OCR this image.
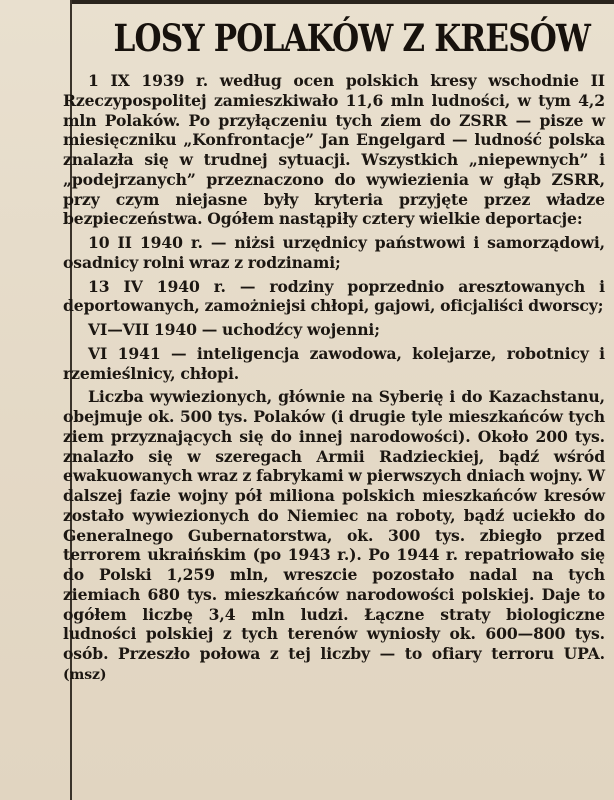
LOSY POLAKÓW Z KRESÓW

1 IX 1939 r. według ocen polskich kresy wschodnie II Rzeczypospolitej zamieszkiwało 11,6 mln ludności, w tym 4,2 mln Polaków. Po przyłączeniu tych ziem do ZSRR — pisze w miesięczniku „Konfrontacje” Jan Engelgard — ludność polska znalazła się w trudnej sytuacji. Wszystkich „niepewnych” i „podejrzanych” przeznaczono do wywiezienia w głąb ZSRR, przy czym niejasne były kryteria przyjęte przez władze bezpieczeństwa. Ogółem nastąpiły cztery wielkie deportacje:

10 II 1940 r. — niżsi urzędnicy państwowi i samorządowi, osadnicy rolni wraz z rodzinami;

13 IV 1940 r. — rodziny poprzednio aresztowanych i deportowanych, zamożniejsi chłopi, gajowi, oficjaliści dworscy;

VI—VII 1940 — uchodźcy wojenni;

VI 1941 — inteligencja zawodowa, kolejarze, robotnicy i rzemieślnicy, chłopi.

Liczba wywiezionych, głównie na Syberię i do Kazachstanu, obejmuje ok. 500 tys. Polaków (i drugie tyle mieszkańców tych ziem przyznających się do innej narodowości). Około 200 tys. znalazło się w szeregach Armii Radzieckiej, bądź wśród ewakuowanych wraz z fabrykami w pierwszych dniach wojny. W dalszej fazie wojny pół miliona polskich mieszkańców kresów zostało wywiezionych do Niemiec na roboty, bądź uciekło do Generalnego Gubernatorstwa, ok. 300 tys. zbiegło przed terrorem ukraińskim (po 1943 r.). Po 1944 r. repatriowało się do Polski 1,259 mln, wreszcie pozostało nadal na tych ziemiach 680 tys. mieszkańców narodowości polskiej. Daje to ogółem liczbę 3,4 mln ludzi. Łączne straty biologiczne ludności polskiej z tych terenów wyniosły ok. 600—800 tys. osób. Przeszło połowa z tej liczby — to ofiary terroru UPA. (msz)
